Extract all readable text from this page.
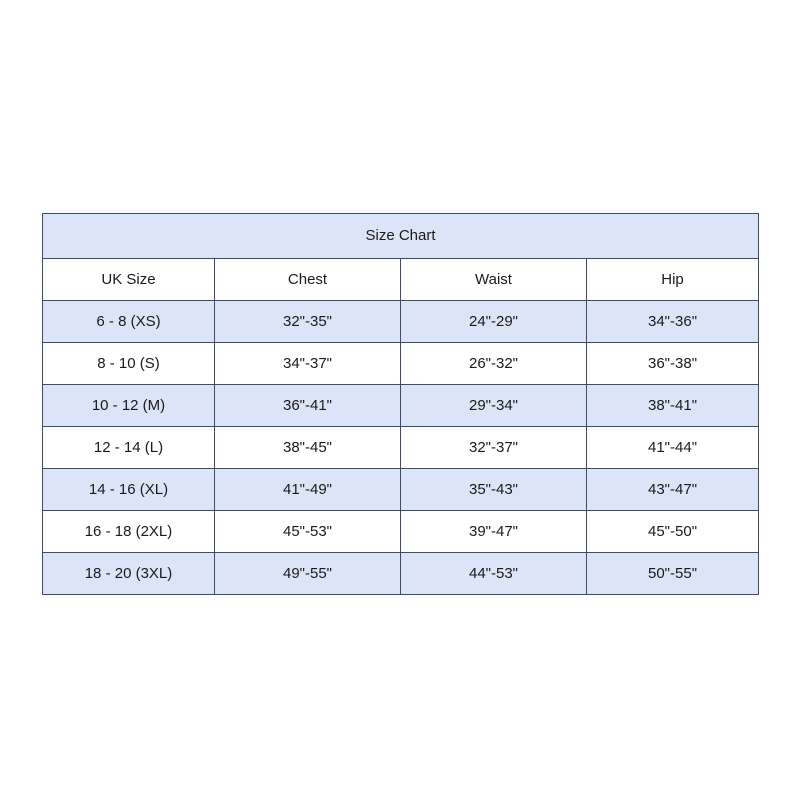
Size Chart			
UK Size	Chest	Waist	Hip
6 - 8 (XS)	32"-35"	24"-29"	34"-36"
8 - 10 (S)	34"-37"	26"-32"	36"-38"
10 - 12 (M)	36"-41"	29"-34"	38"-41"
12 - 14 (L)	38"-45"	32"-37"	41"-44"
14 - 16 (XL)	41"-49"	35"-43"	43"-47"
16 - 18 (2XL)	45"-53"	39"-47"	45"-50"
18 - 20 (3XL)	49"-55"	44"-53"	50"-55"
